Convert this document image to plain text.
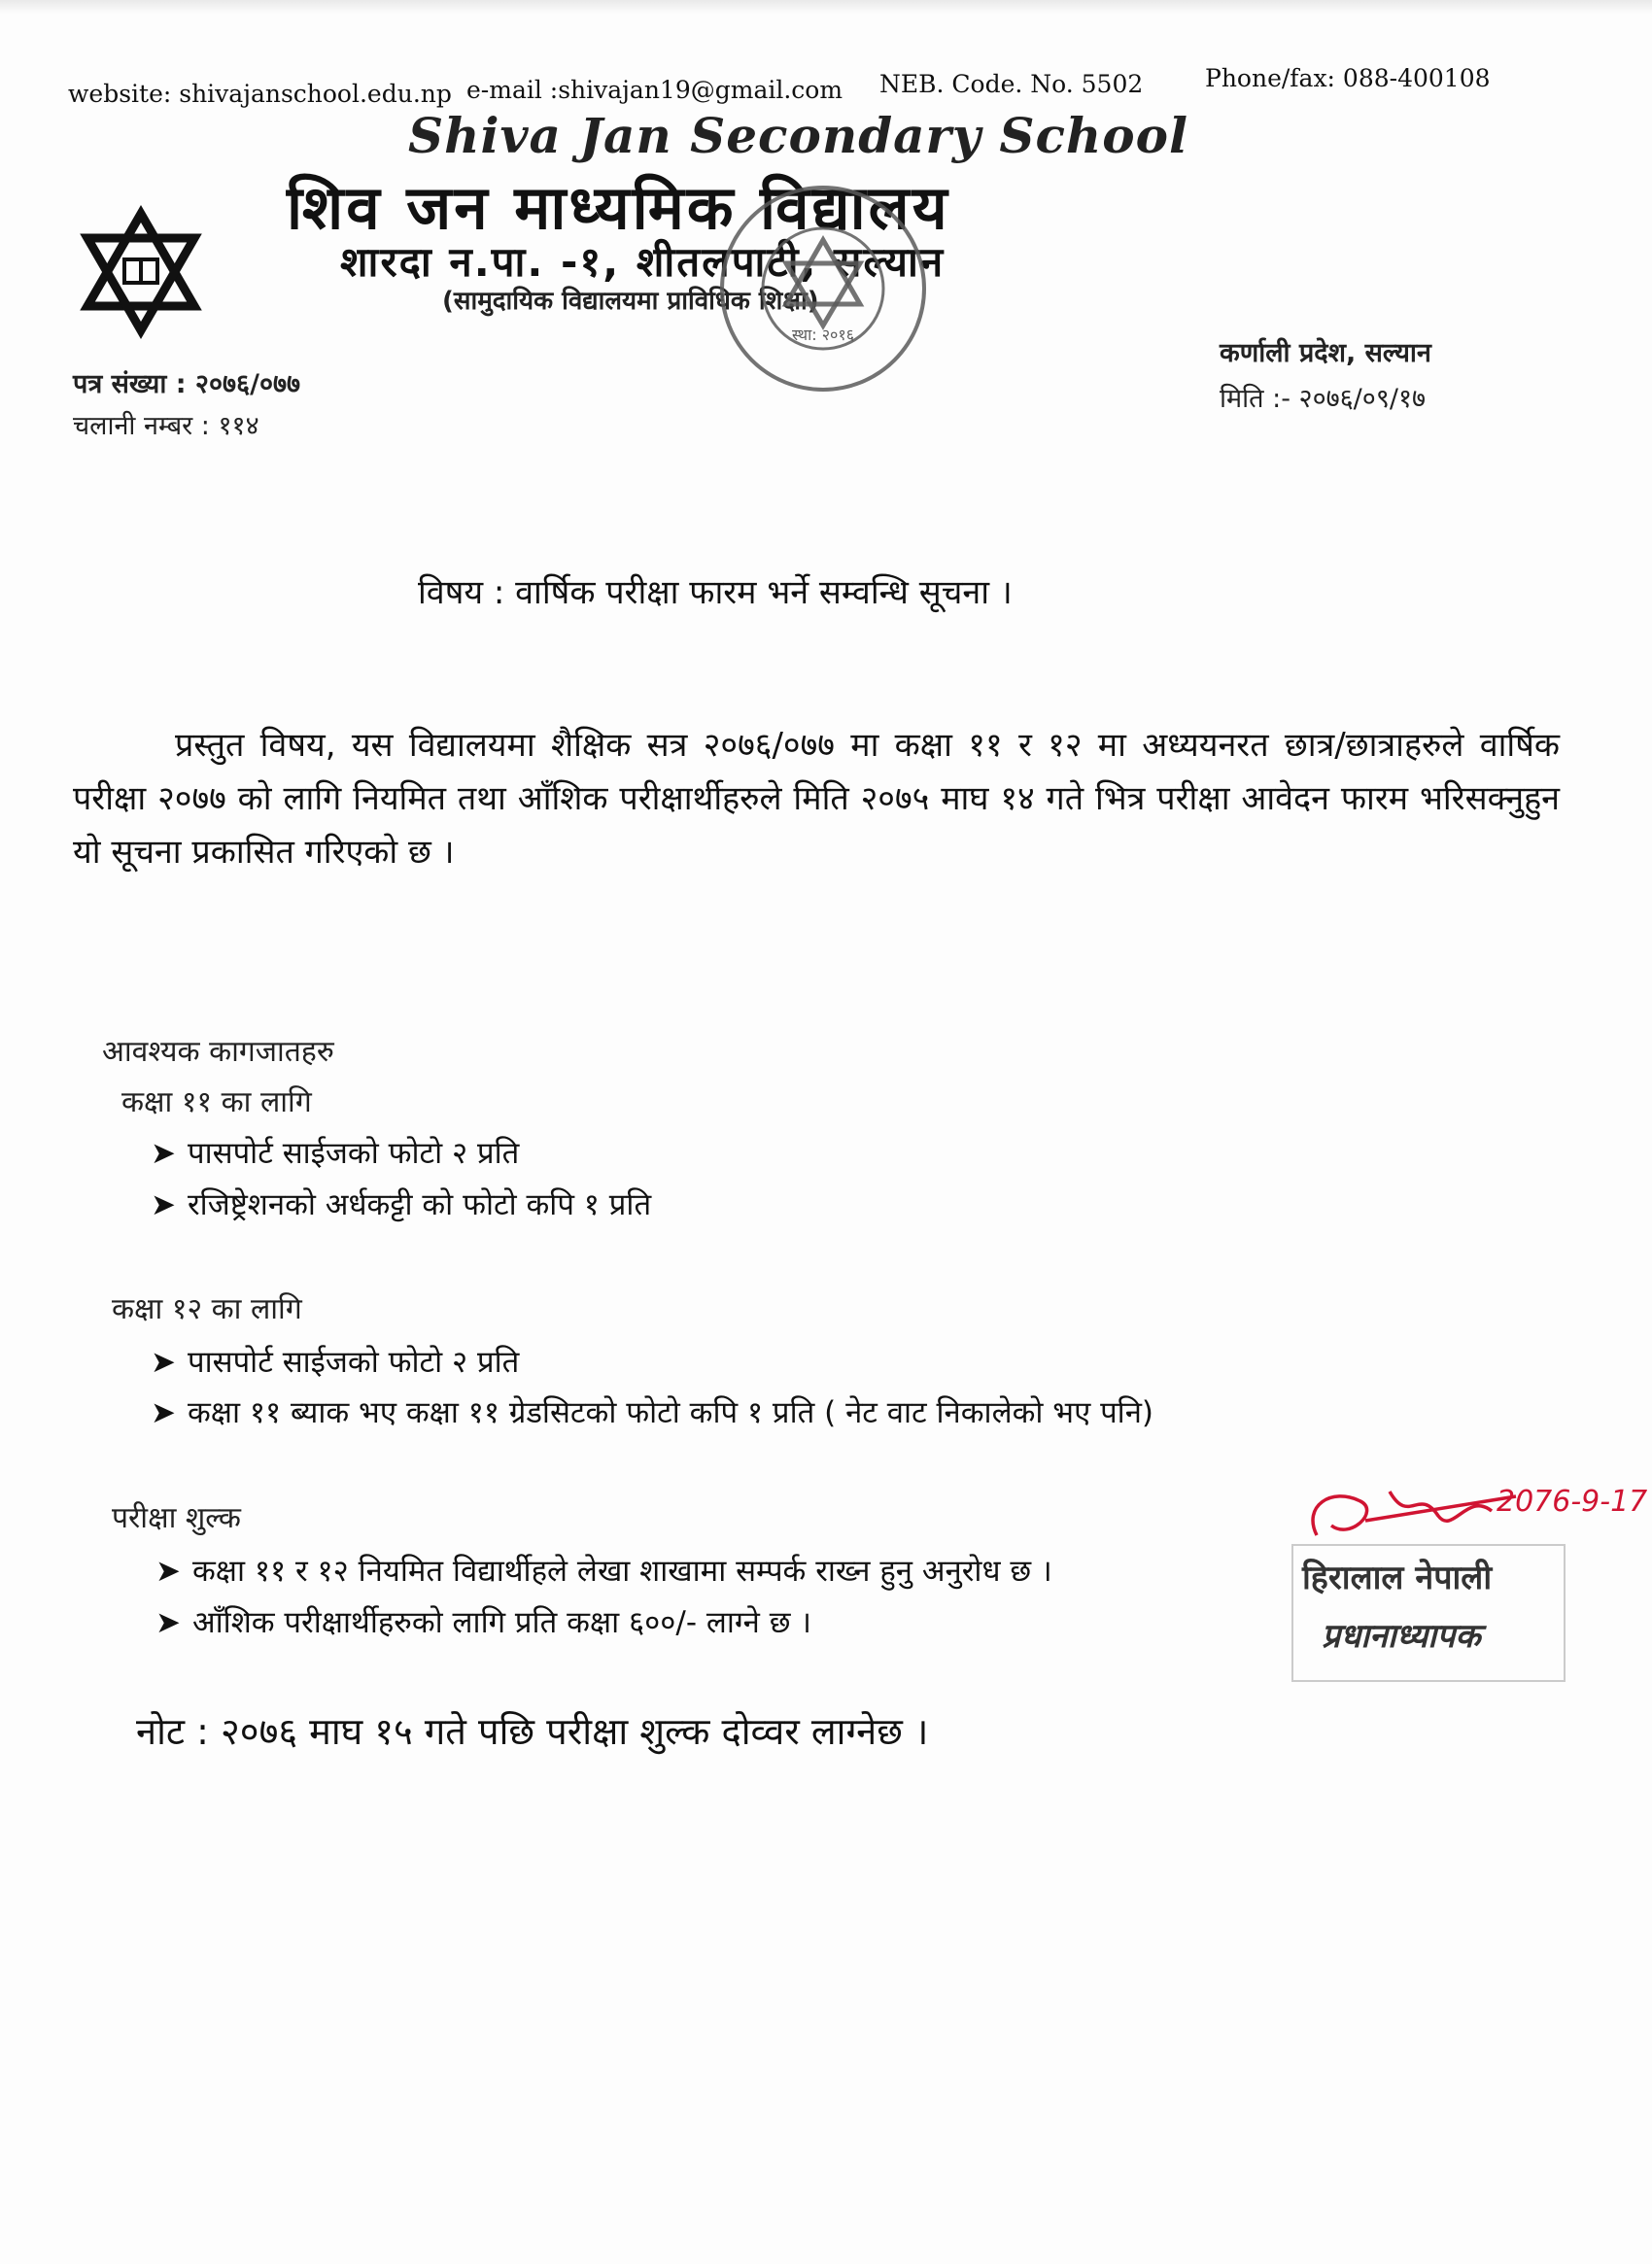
website: shivajanschool.edu.np e-mail :shivajan19@gmail.com NEB. Code. No. 5502	Phone/fax: 088-400108
Shiva Jan Secondary School
शिव जन माध्यमिक विद्यालय
शारदा न.पा. -१, शीतलपाटी, सल्यान
(सामुदायिक विद्यालयमा प्राविधिक शिक्षा)
स्था: २०१६
पत्र संख्या : २०७६/०७७
चलानी नम्बर : ११४
कर्णाली प्रदेश, सल्यान
मिति :- २०७६/०९/१७
विषय : वार्षिक परीक्षा फारम भर्ने सम्वन्धि सूचना ।
प्रस्तुत विषय, यस विद्यालयमा शैक्षिक सत्र २०७६/०७७ मा कक्षा ११ र १२ मा अध्ययनरत छात्र/छात्राहरुले वार्षिक परीक्षा २०७७ को लागि नियमित तथा आँशिक परीक्षार्थीहरुले मिति २०७५ माघ १४ गते भित्र परीक्षा आवेदन फारम भरिसक्नुहुन यो सूचना प्रकासित गरिएको छ ।
आवश्यक कागजातहरु
कक्षा ११ का लागि
➤ पासपोर्ट साईजको फोटो २ प्रति
➤ रजिष्ट्रेशनको अर्धकट्टी को फोटो कपि १ प्रति
कक्षा १२ का लागि
➤ पासपोर्ट साईजको फोटो २ प्रति
➤ कक्षा ११ ब्याक भए कक्षा ११ ग्रेडसिटको फोटो कपि १ प्रति ( नेट वाट निकालेको भए पनि)
परीक्षा शुल्क
➤ कक्षा ११ र १२ नियमित विद्यार्थीहले लेखा शाखामा सम्पर्क राख्न हुनु अनुरोध छ ।
➤ आँशिक परीक्षार्थीहरुको लागि प्रति कक्षा ६००/- लाग्ने छ ।
नोट : २०७६ माघ १५ गते पछि परीक्षा शुल्क दोव्वर लाग्नेछ ।
2076-9-17
हिरालाल नेपाली
प्रधानाध्यापक
